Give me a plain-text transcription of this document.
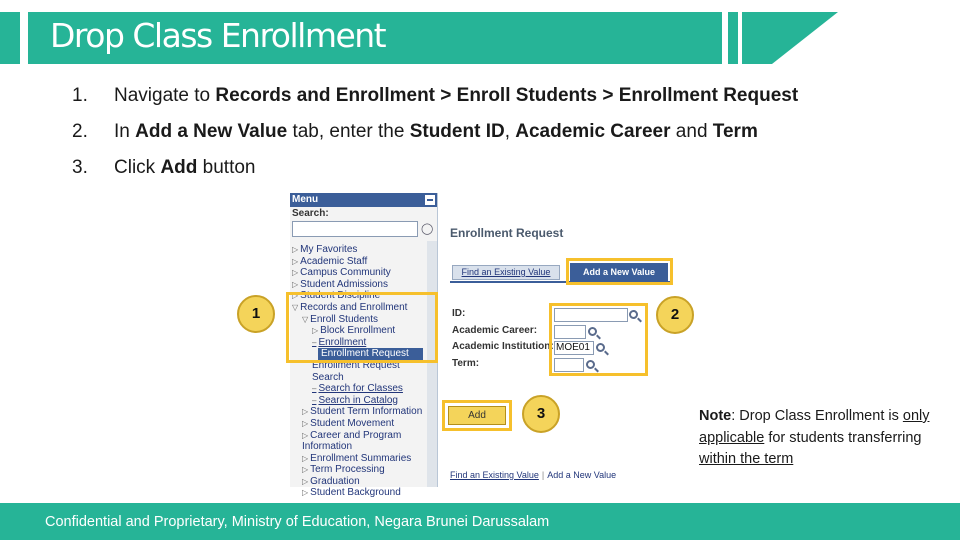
Drop Class Enrollment
1. Navigate to Records and Enrollment > Enroll Students > Enrollment Request
2. In Add a New Value tab, enter the Student ID, Academic Career and Term
3. Click Add button
Menu
Search:
◯
▷ My Favorites
▷ Academic Staff
▷ Campus Community
▷ Student Admissions
▷ Student Discipline
▽ Records and Enrollment
▽ Enroll Students
▷ Block Enrollment
– Enrollment
Enrollment Request
Enrollment Request
Search
– Search for Classes
– Search in Catalog
▷ Student Term Information
▷ Student Movement
▷ Career and Program
Information
▷ Enrollment Summaries
▷ Term Processing
▷ Graduation
▷ Student Background
Enrollment Request
Find an Existing Value	Add a New Value
ID:
Academic Career:
Academic Institution: MOE01
Term:
Add
Find an Existing Value | Add a New Value
1	2
3	Note: Drop Class Enrollment is only applicable for students transferring within the term
Confidential and Proprietary, Ministry of Education, Negara Brunei Darussalam
